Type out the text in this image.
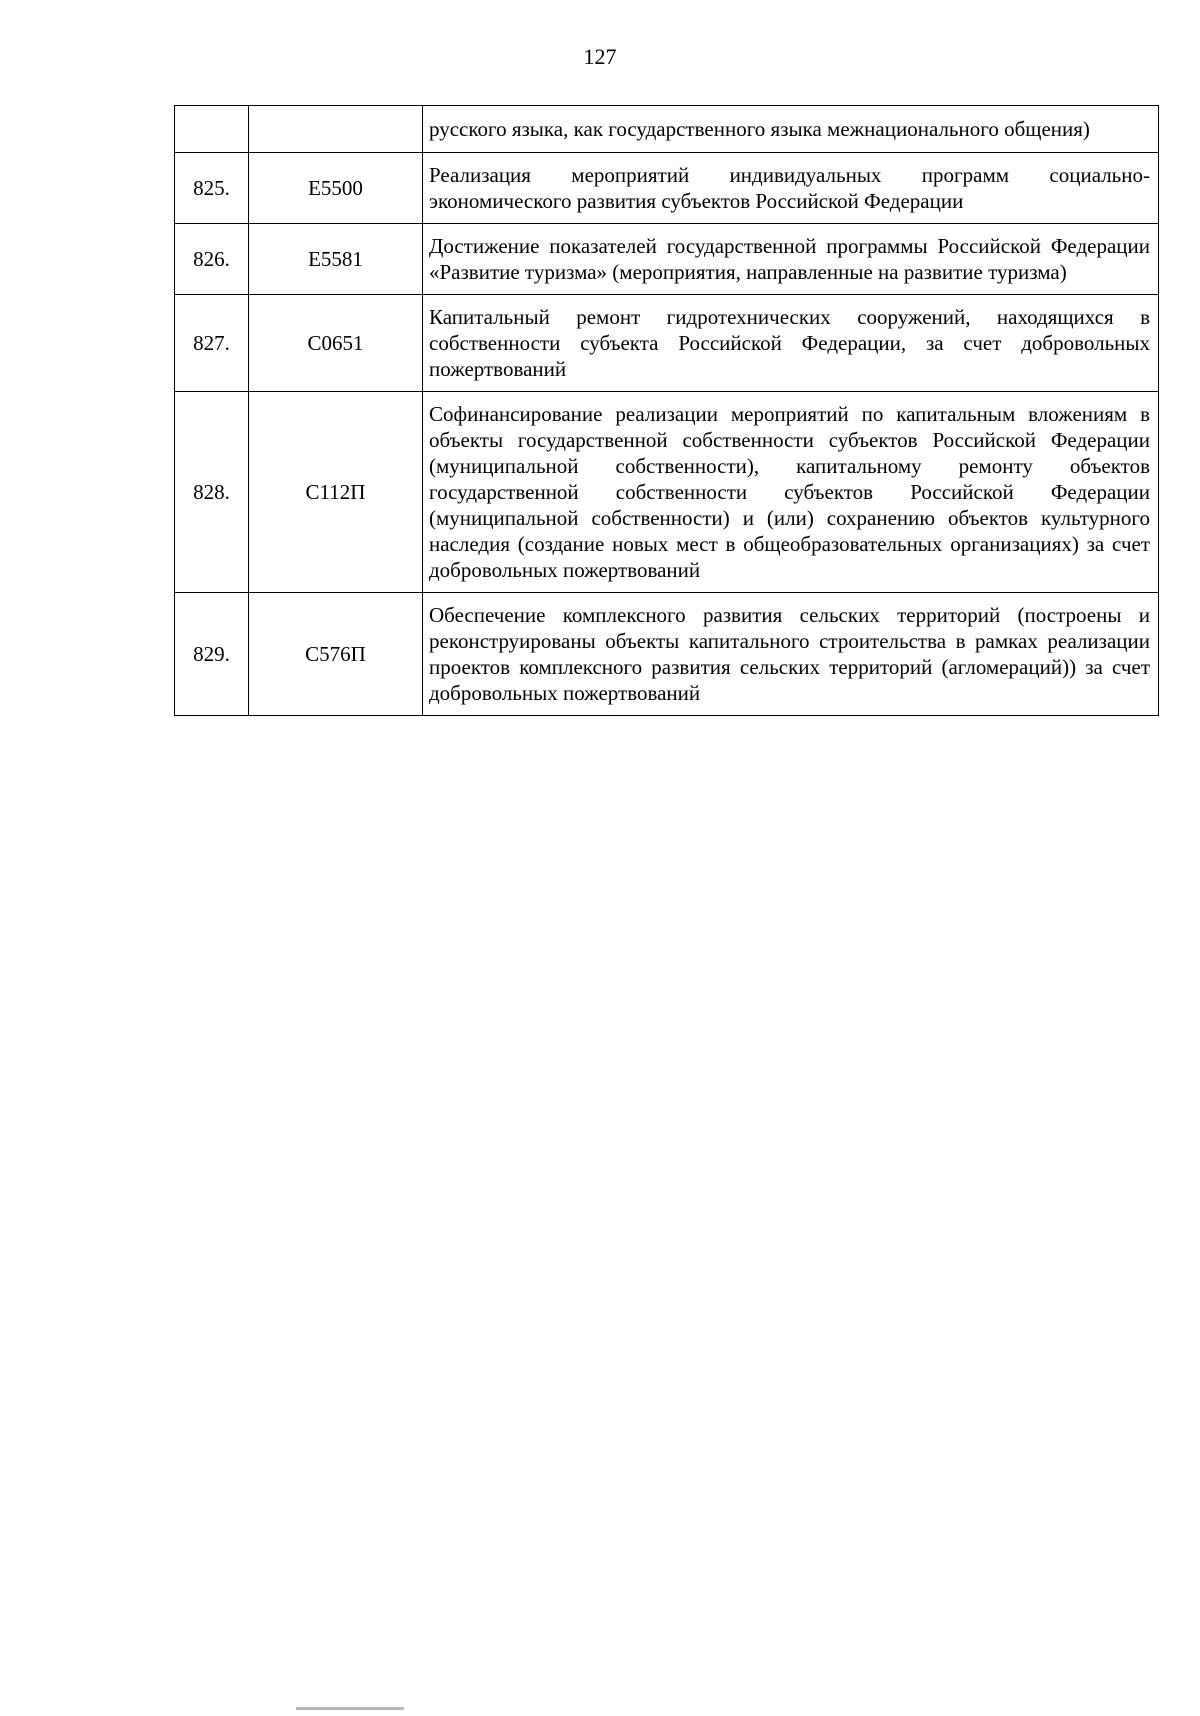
127
		русского языка, как государственного языка межнационального общения)
825.	Е5500	Реализация мероприятий индивидуальных программ социально-экономического развития субъектов Российской Федерации
826.	Е5581	Достижение показателей государственной программы Российской Федерации «Развитие туризма» (мероприятия, направленные на развитие туризма)
827.	С0651	Капитальный ремонт гидротехнических сооружений, находящихся в собственности субъекта Российской Федерации, за счет добровольных пожертвований
828.	С112П	Софинансирование реализации мероприятий по капитальным вложениям в объекты государственной собственности субъектов Российской Федерации (муниципальной собственности), капитальному ремонту объектов государственной собственности субъектов Российской Федерации (муниципальной собственности) и (или) сохранению объектов культурного наследия (создание новых мест в общеобразовательных организациях) за счет добровольных пожертвований
829.	С576П	Обеспечение комплексного развития сельских территорий (построены и реконструированы объекты капитального строительства в рамках реализации проектов комплексного развития сельских территорий (агломераций)) за счет добровольных пожертвований
